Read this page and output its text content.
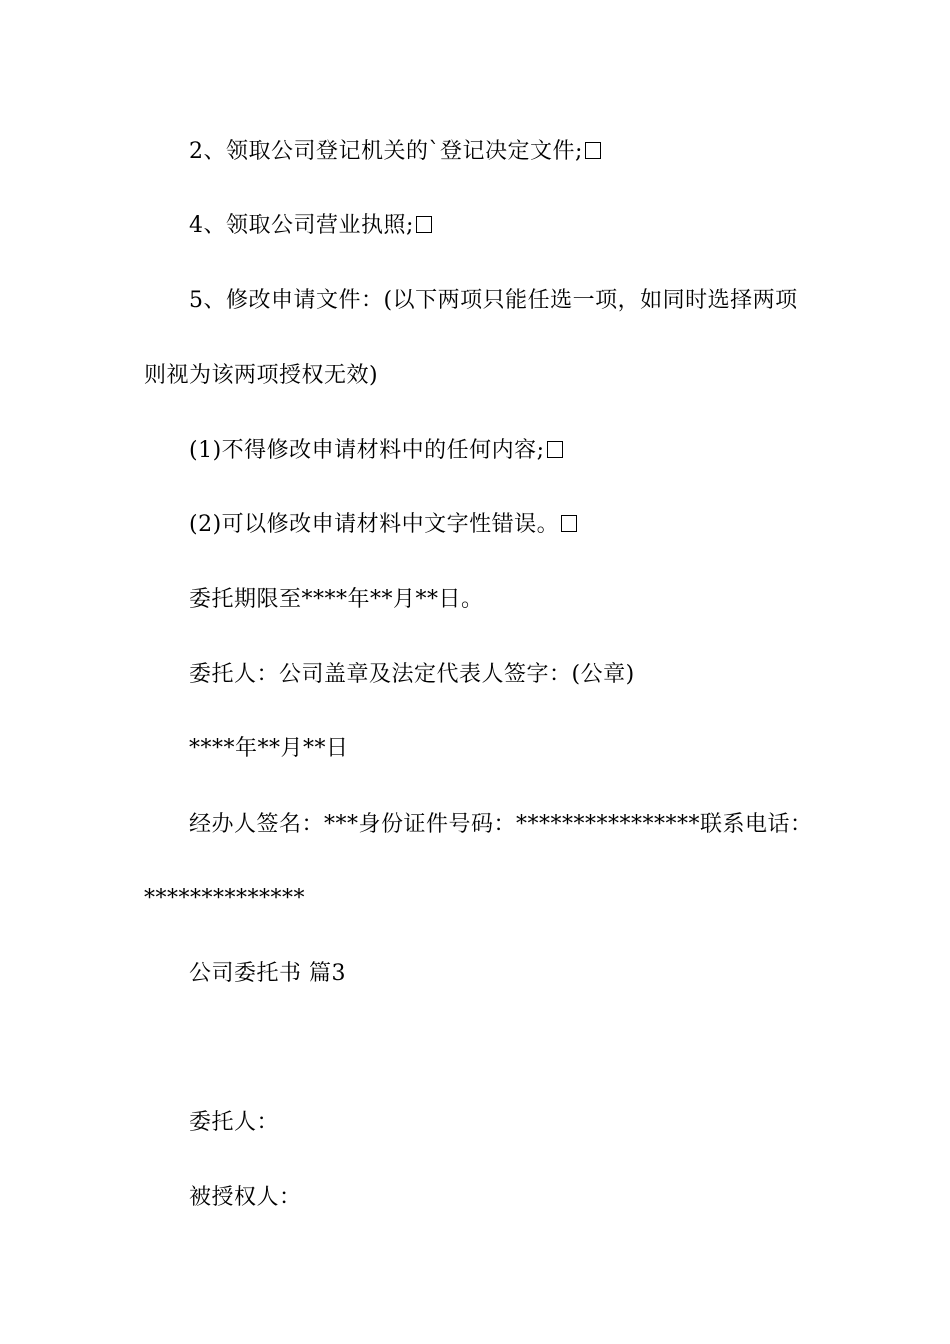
2、领取公司登记机关的`登记决定文件;
4、领取公司营业执照;
5、修改申请文件：(以下两项只能任选一项，如同时选择两项
则视为该两项授权无效)
(1)不得修改申请材料中的任何内容;
(2)可以修改申请材料中文字性错误。
委托期限至****年**月**日。
委托人：公司盖章及法定代表人签字：(公章)
****年**月**日
经办人签名：***身份证件号码：****************联系电话：
**************
公司委托书 篇3
委托人：
被授权人：
